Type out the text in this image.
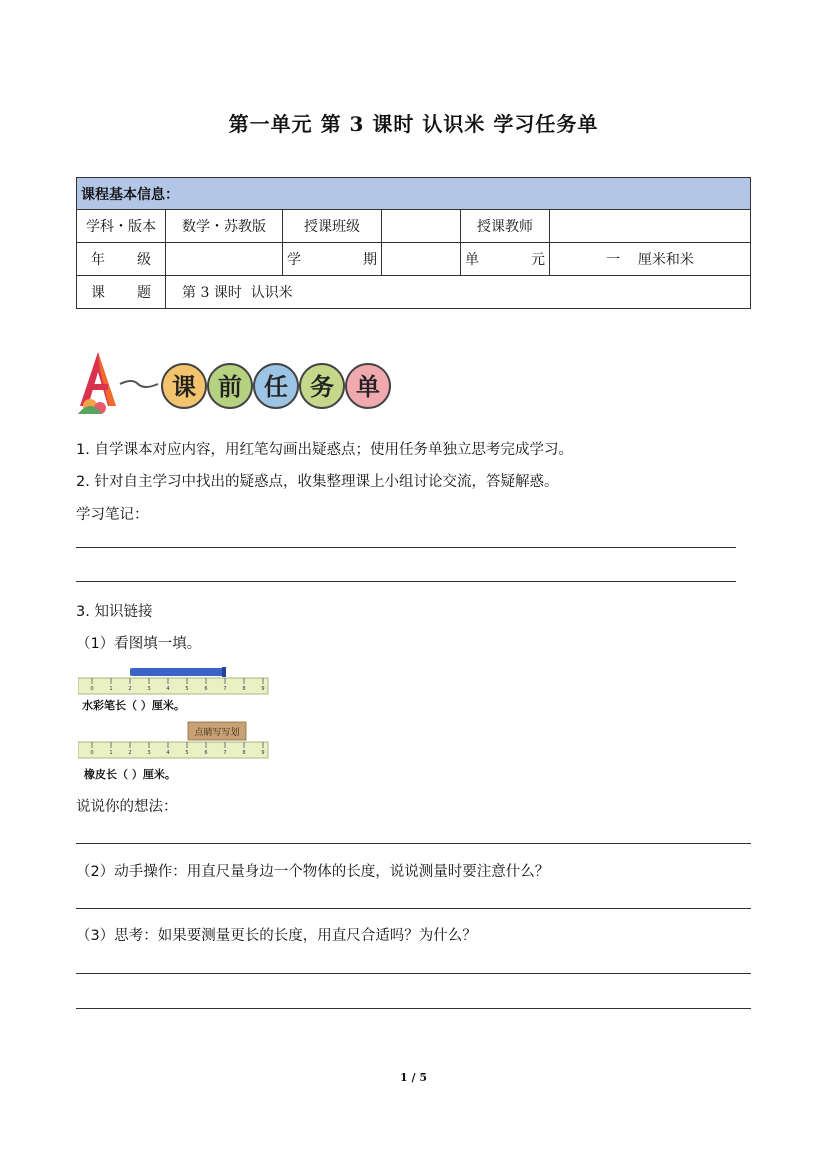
第一单元 第 3 课时 认识米 学习任务单
课程基本信息：					
学科・版本	数学・苏教版	授课班级		授课教师	
年级		学期		单元	一    厘米和米
课题	第 3 课时  认识米				
课 前 任 务 单
1. 自学课本对应内容，用红笔勾画出疑惑点；使用任务单独立思考完成学习。
2. 针对自主学习中找出的疑惑点，收集整理课上小组讨论交流，答疑解惑。
学习笔记：
3. 知识链接
（1）看图填一填。
0	1	2	3	4	5	6	7	8	9
水彩笔长（ ）厘米。
点睛写写划
0	1	2	3	4	5	6	7	8	9
橡皮长（ ）厘米。
说说你的想法：
（2）动手操作：用直尺量身边一个物体的长度，说说测量时要注意什么？
（3）思考：如果要测量更长的长度，用直尺合适吗？为什么？
1 / 5
